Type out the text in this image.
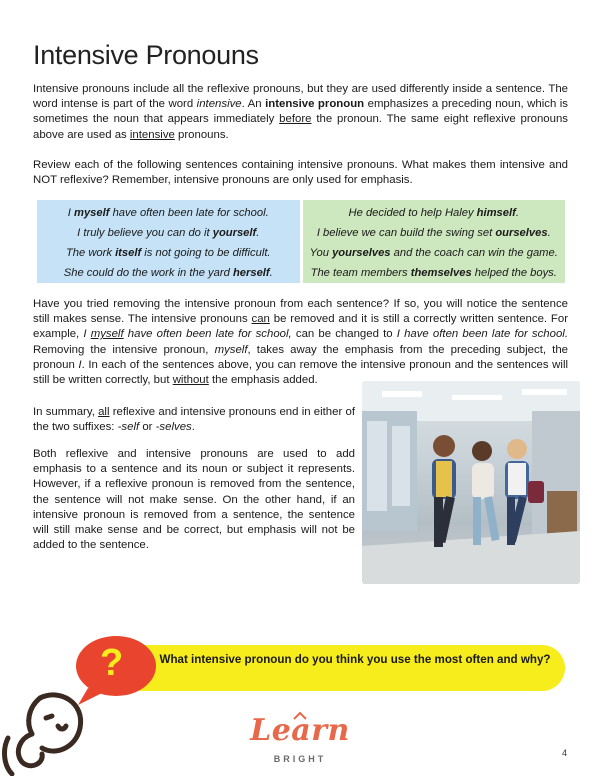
Intensive Pronouns

Intensive pronouns include all the reflexive pronouns, but they are used differently inside a sentence. The word intense is part of the word intensive. An intensive pronoun emphasizes a preceding noun, which is sometimes the noun that appears immediately before the pronoun. The same eight reflexive pronouns above are used as intensive pronouns.

Review each of the following sentences containing intensive pronouns. What makes them intensive and NOT reflexive? Remember, intensive pronouns are only used for emphasis.

I myself have often been late for school.
I truly believe you can do it yourself.
The work itself is not going to be difficult.
She could do the work in the yard herself.
He decided to help Haley himself.
I believe we can build the swing set ourselves.
You yourselves and the coach can win the game.
The team members themselves helped the boys.

Have you tried removing the intensive pronoun from each sentence? If so, you will notice the sentence still makes sense. The intensive pronouns can be removed and it is still a correctly written sentence. For example, I myself have often been late for school, can be changed to I have often been late for school. Removing the intensive pronoun, myself, takes away the emphasis from the preceding subject, the pronoun I. In each of the sentences above, you can remove the intensive pronoun and the sentences will still be written correctly, but without the emphasis added.

In summary, all reflexive and intensive pronouns end in either of the two suffixes: -self or -selves.

Both reflexive and intensive pronouns are used to add emphasis to a sentence and its noun or subject it represents. However, if a reflexive pronoun is removed from the sentence, the sentence will not make sense. On the other hand, if an intensive pronoun is removed from a sentence, the sentence will still make sense and be correct, but emphasis will not be added to the sentence.

?	What intensive pronoun do you think you use the most often and why?
Learn
BRIGHT
4
